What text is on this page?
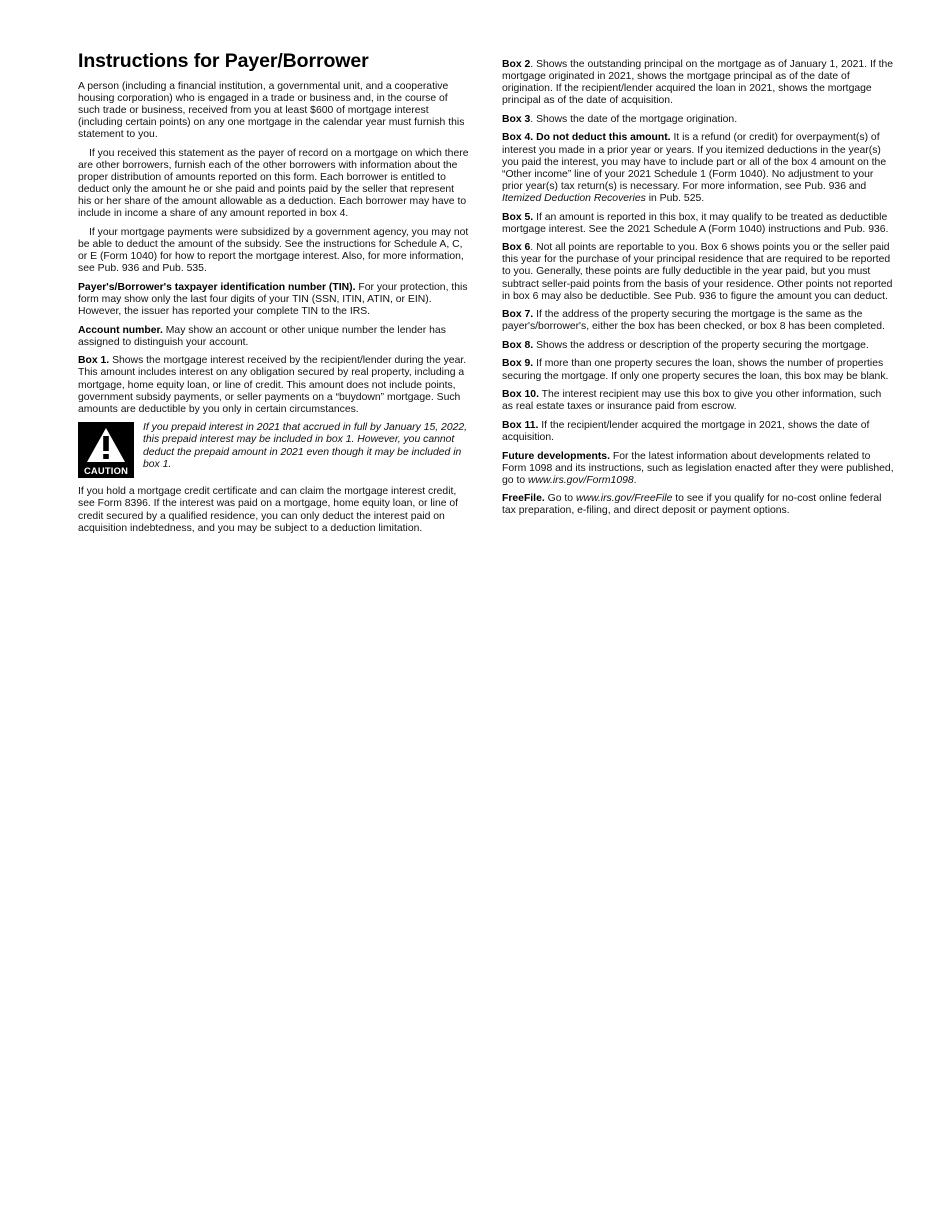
Instructions for Payer/Borrower

A person (including a financial institution, a governmental unit, and a cooperative housing corporation) who is engaged in a trade or business and, in the course of such trade or business, received from you at least $600 of mortgage interest (including certain points) on any one mortgage in the calendar year must furnish this statement to you.

If you received this statement as the payer of record on a mortgage on which there are other borrowers, furnish each of the other borrowers with information about the proper distribution of amounts reported on this form. Each borrower is entitled to deduct only the amount he or she paid and points paid by the seller that represent his or her share of the amount allowable as a deduction. Each borrower may have to include in income a share of any amount reported in box 4.

If your mortgage payments were subsidized by a government agency, you may not be able to deduct the amount of the subsidy. See the instructions for Schedule A, C, or E (Form 1040) for how to report the mortgage interest. Also, for more information, see Pub. 936 and Pub. 535.

Payer's/Borrower's taxpayer identification number (TIN). For your protection, this form may show only the last four digits of your TIN (SSN, ITIN, ATIN, or EIN). However, the issuer has reported your complete TIN to the IRS.

Account number. May show an account or other unique number the lender has assigned to distinguish your account.

Box 1. Shows the mortgage interest received by the recipient/lender during the year. This amount includes interest on any obligation secured by real property, including a mortgage, home equity loan, or line of credit. This amount does not include points, government subsidy payments, or seller payments on a “buydown” mortgage. Such amounts are deductible by you only in certain circumstances.

CAUTION
If you prepaid interest in 2021 that accrued in full by January 15, 2022, this prepaid interest may be included in box 1. However, you cannot deduct the prepaid amount in 2021 even though it may be included in box 1.

If you hold a mortgage credit certificate and can claim the mortgage interest credit, see Form 8396. If the interest was paid on a mortgage, home equity loan, or line of credit secured by a qualified residence, you can only deduct the interest paid on acquisition indebtedness, and you may be subject to a deduction limitation.

Box 2. Shows the outstanding principal on the mortgage as of January 1, 2021. If the mortgage originated in 2021, shows the mortgage principal as of the date of origination. If the recipient/lender acquired the loan in 2021, shows the mortgage principal as of the date of acquisition.

Box 3. Shows the date of the mortgage origination.

Box 4. Do not deduct this amount. It is a refund (or credit) for overpayment(s) of interest you made in a prior year or years. If you itemized deductions in the year(s) you paid the interest, you may have to include part or all of the box 4 amount on the “Other income” line of your 2021 Schedule 1 (Form 1040). No adjustment to your prior year(s) tax return(s) is necessary. For more information, see Pub. 936 and Itemized Deduction Recoveries in Pub. 525.

Box 5. If an amount is reported in this box, it may qualify to be treated as deductible mortgage interest. See the 2021 Schedule A (Form 1040) instructions and Pub. 936.

Box 6. Not all points are reportable to you. Box 6 shows points you or the seller paid this year for the purchase of your principal residence that are required to be reported to you. Generally, these points are fully deductible in the year paid, but you must subtract seller-paid points from the basis of your residence. Other points not reported in box 6 may also be deductible. See Pub. 936 to figure the amount you can deduct.

Box 7. If the address of the property securing the mortgage is the same as the payer's/borrower's, either the box has been checked, or box 8 has been completed.

Box 8. Shows the address or description of the property securing the mortgage.

Box 9. If more than one property secures the loan, shows the number of properties securing the mortgage. If only one property secures the loan, this box may be blank.

Box 10. The interest recipient may use this box to give you other information, such as real estate taxes or insurance paid from escrow.

Box 11. If the recipient/lender acquired the mortgage in 2021, shows the date of acquisition.

Future developments. For the latest information about developments related to Form 1098 and its instructions, such as legislation enacted after they were published, go to www.irs.gov/Form1098.

FreeFile. Go to www.irs.gov/FreeFile to see if you qualify for no-cost online federal tax preparation, e-filing, and direct deposit or payment options.
